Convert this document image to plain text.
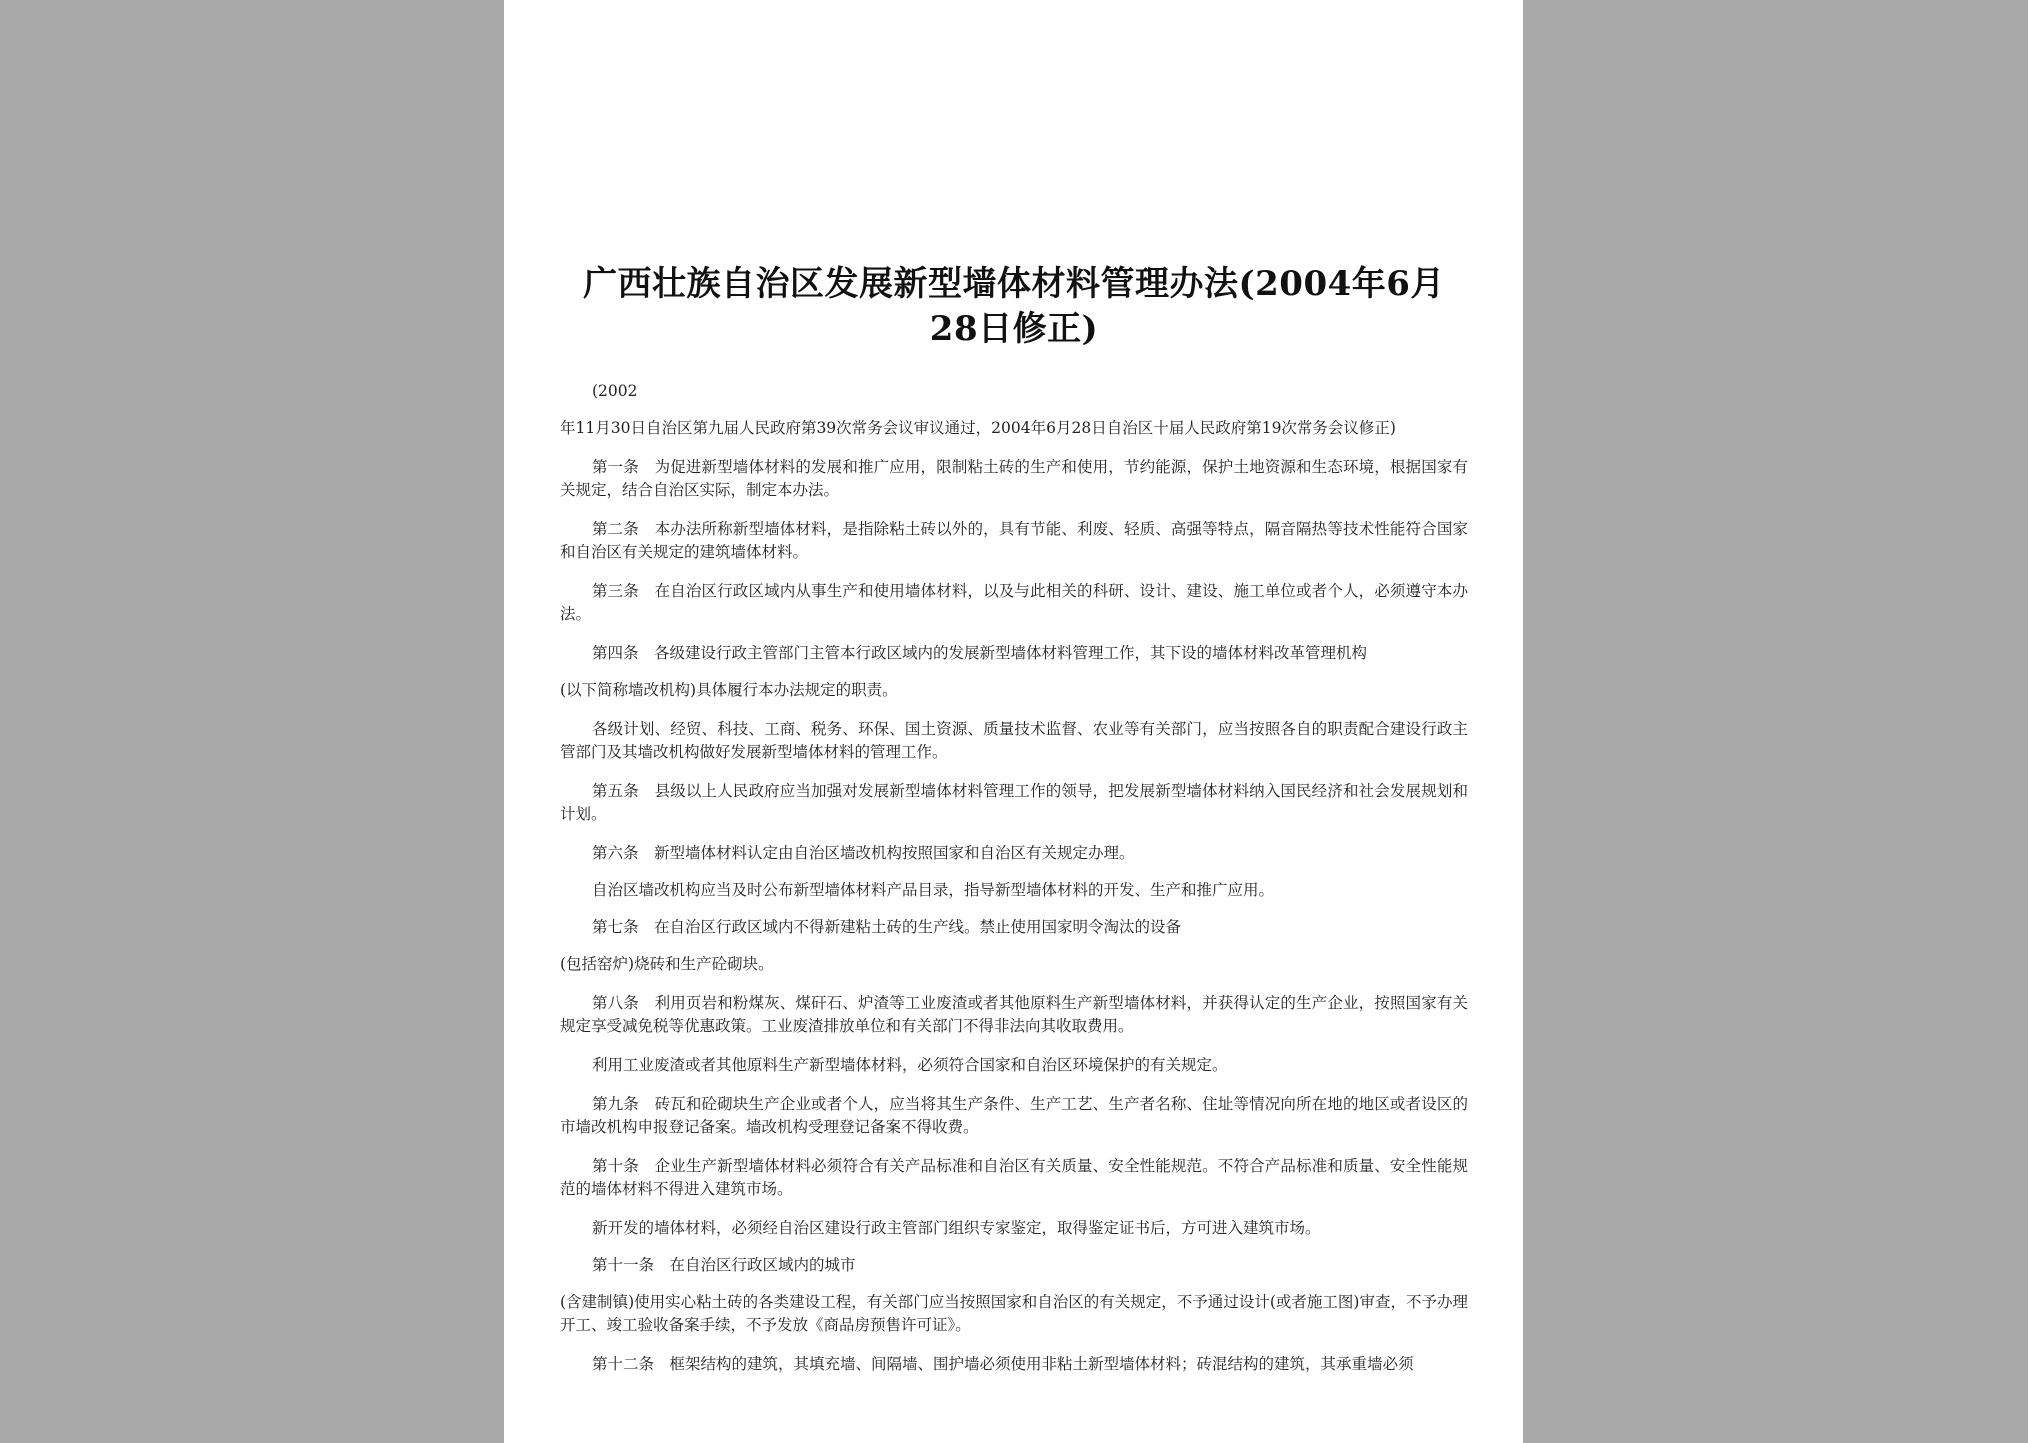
广西壮族自治区发展新型墙体材料管理办法(2004年6月
28日修正)

(2002

年11月30日自治区第九届人民政府第39次常务会议审议通过，2004年6月28日自治区十届人民政府第19次常务会议修正)

第一条　为促进新型墙体材料的发展和推广应用，限制粘土砖的生产和使用，节约能源，保护土地资源和生态环境，根据国家有关规定，结合自治区实际，制定本办法。

第二条　本办法所称新型墙体材料，是指除粘土砖以外的，具有节能、利废、轻质、高强等特点，隔音隔热等技术性能符合国家和自治区有关规定的建筑墙体材料。

第三条　在自治区行政区域内从事生产和使用墙体材料，以及与此相关的科研、设计、建设、施工单位或者个人，必须遵守本办法。

第四条　各级建设行政主管部门主管本行政区域内的发展新型墙体材料管理工作，其下设的墙体材料改革管理机构

(以下简称墙改机构)具体履行本办法规定的职责。

各级计划、经贸、科技、工商、税务、环保、国土资源、质量技术监督、农业等有关部门，应当按照各自的职责配合建设行政主管部门及其墙改机构做好发展新型墙体材料的管理工作。

第五条　县级以上人民政府应当加强对发展新型墙体材料管理工作的领导，把发展新型墙体材料纳入国民经济和社会发展规划和计划。

第六条　新型墙体材料认定由自治区墙改机构按照国家和自治区有关规定办理。

自治区墙改机构应当及时公布新型墙体材料产品目录，指导新型墙体材料的开发、生产和推广应用。

第七条　在自治区行政区域内不得新建粘土砖的生产线。禁止使用国家明令淘汰的设备

(包括窑炉)烧砖和生产砼砌块。

第八条　利用页岩和粉煤灰、煤矸石、炉渣等工业废渣或者其他原料生产新型墙体材料，并获得认定的生产企业，按照国家有关规定享受减免税等优惠政策。工业废渣排放单位和有关部门不得非法向其收取费用。

利用工业废渣或者其他原料生产新型墙体材料，必须符合国家和自治区环境保护的有关规定。

第九条　砖瓦和砼砌块生产企业或者个人，应当将其生产条件、生产工艺、生产者名称、住址等情况向所在地的地区或者设区的市墙改机构申报登记备案。墙改机构受理登记备案不得收费。

第十条　企业生产新型墙体材料必须符合有关产品标准和自治区有关质量、安全性能规范。不符合产品标准和质量、安全性能规范的墙体材料不得进入建筑市场。

新开发的墙体材料，必须经自治区建设行政主管部门组织专家鉴定，取得鉴定证书后，方可进入建筑市场。

第十一条　在自治区行政区域内的城市

(含建制镇)使用实心粘土砖的各类建设工程，有关部门应当按照国家和自治区的有关规定，不予通过设计(或者施工图)审查，不予办理开工、竣工验收备案手续，不予发放《商品房预售许可证》。

第十二条　框架结构的建筑，其填充墙、间隔墙、围护墙必须使用非粘土新型墙体材料；砖混结构的建筑，其承重墙必须
